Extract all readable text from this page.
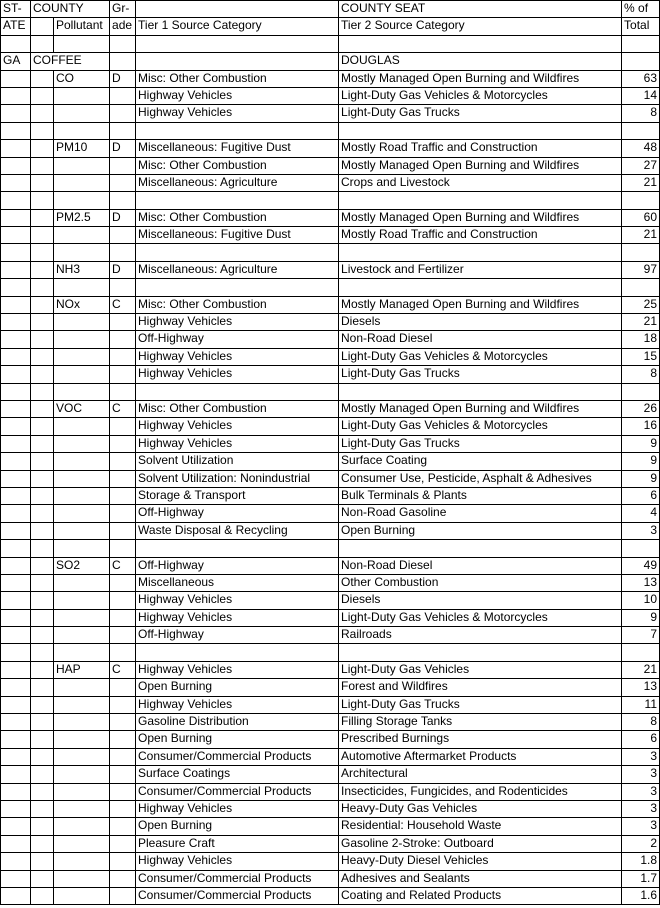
ST-	COUNTY		Gr-		COUNTY SEAT	% of
ATE		Pollutant	ade	Tier 1 Source Category	Tier 2 Source Category	Total

GA	COFFEE				DOUGLAS	
		CO	D	Misc: Other Combustion	Mostly Managed Open Burning and Wildfires	63
				Highway Vehicles	Light-Duty Gas Vehicles & Motorcycles	14
				Highway Vehicles	Light-Duty Gas Trucks	8

		PM10	D	Miscellaneous: Fugitive Dust	Mostly Road Traffic and Construction	48
				Misc: Other Combustion	Mostly Managed Open Burning and Wildfires	27
				Miscellaneous: Agriculture	Crops and Livestock	21

		PM2.5	D	Misc: Other Combustion	Mostly Managed Open Burning and Wildfires	60
				Miscellaneous: Fugitive Dust	Mostly Road Traffic and Construction	21

		NH3	D	Miscellaneous: Agriculture	Livestock and Fertilizer	97

		NOx	C	Misc: Other Combustion	Mostly Managed Open Burning and Wildfires	25
				Highway Vehicles	Diesels	21
				Off-Highway	Non-Road Diesel	18
				Highway Vehicles	Light-Duty Gas Vehicles & Motorcycles	15
				Highway Vehicles	Light-Duty Gas Trucks	8

		VOC	C	Misc: Other Combustion	Mostly Managed Open Burning and Wildfires	26
				Highway Vehicles	Light-Duty Gas Vehicles & Motorcycles	16
				Highway Vehicles	Light-Duty Gas Trucks	9
				Solvent Utilization	Surface Coating	9
				Solvent Utilization: Nonindustrial	Consumer Use, Pesticide, Asphalt & Adhesives	9
				Storage & Transport	Bulk Terminals & Plants	6
				Off-Highway	Non-Road Gasoline	4
				Waste Disposal & Recycling	Open Burning	3

		SO2	C	Off-Highway	Non-Road Diesel	49
				Miscellaneous	Other Combustion	13
				Highway Vehicles	Diesels	10
				Highway Vehicles	Light-Duty Gas Vehicles & Motorcycles	9
				Off-Highway	Railroads	7

		HAP	C	Highway Vehicles	Light-Duty Gas Vehicles	21
				Open Burning	Forest and Wildfires	13
				Highway Vehicles	Light-Duty Gas Trucks	11
				Gasoline Distribution	Filling Storage Tanks	8
				Open Burning	Prescribed Burnings	6
				Consumer/Commercial Products	Automotive Aftermarket Products	3
				Surface Coatings	Architectural	3
				Consumer/Commercial Products	Insecticides, Fungicides, and Rodenticides	3
				Highway Vehicles	Heavy-Duty Gas Vehicles	3
				Open Burning	Residential: Household Waste	3
				Pleasure Craft	Gasoline 2-Stroke: Outboard	2
				Highway Vehicles	Heavy-Duty Diesel Vehicles	1.8
				Consumer/Commercial Products	Adhesives and Sealants	1.7
				Consumer/Commercial Products	Coating and Related Products	1.6
